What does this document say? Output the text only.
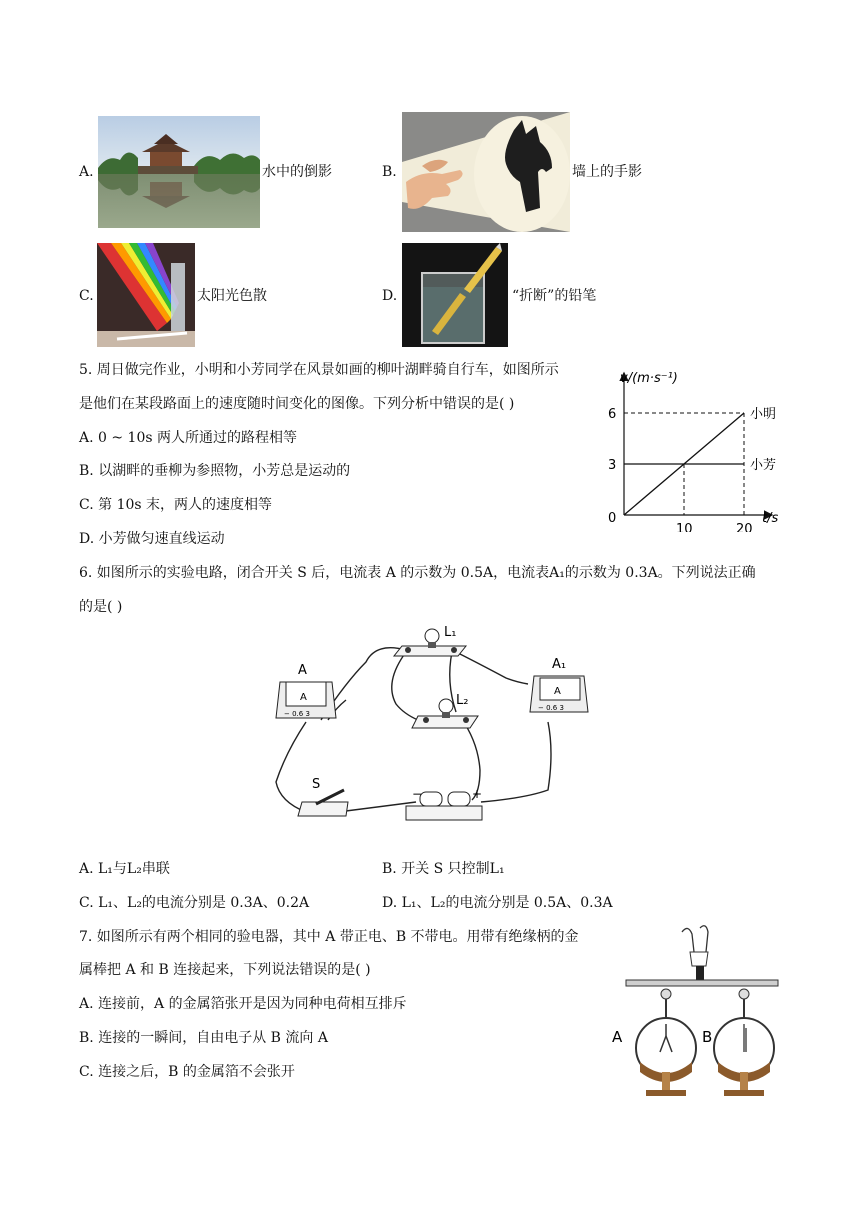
A.	水中的倒影	B.	墙上的手影
C.	太阳光色散	D.	“折断”的铅笔
5. 周日做完作业，小明和小芳同学在风景如画的柳叶湖畔骑自行车，如图所示
是他们在某段路面上的速度随时间变化的图像。下列分析中错误的是( )
A. 0 ~ 10s 两人所通过的路程相等
B. 以湖畔的垂柳为参照物，小芳总是运动的
C. 第 10s 末，两人的速度相等
D. 小芳做匀速直线运动
v/(m·s⁻¹)
t/s
0
3
6
10	20
小明
小芳
6. 如图所示的实验电路，闭合开关 S 后，电流表 A 的示数为 0.5A，电流表A₁的示数为 0.3A。下列说法正确
的是( )
L₁
L₂
A
A
− 0.6 3
A
A₁
− 0.6 3
S
−	+
A. L₁与L₂串联	B. 开关 S 只控制L₁
C. L₁、L₂的电流分别是 0.3A、0.2A	D. L₁、L₂的电流分别是 0.5A、0.3A
7. 如图所示有两个相同的验电器，其中 A 带正电、B 不带电。用带有绝缘柄的金
属棒把 A 和 B 连接起来，下列说法错误的是( )
A. 连接前，A 的金属箔张开是因为同种电荷相互排斥
B. 连接的一瞬间，自由电子从 B 流向 A
C. 连接之后，B 的金属箔不会张开
A	B
